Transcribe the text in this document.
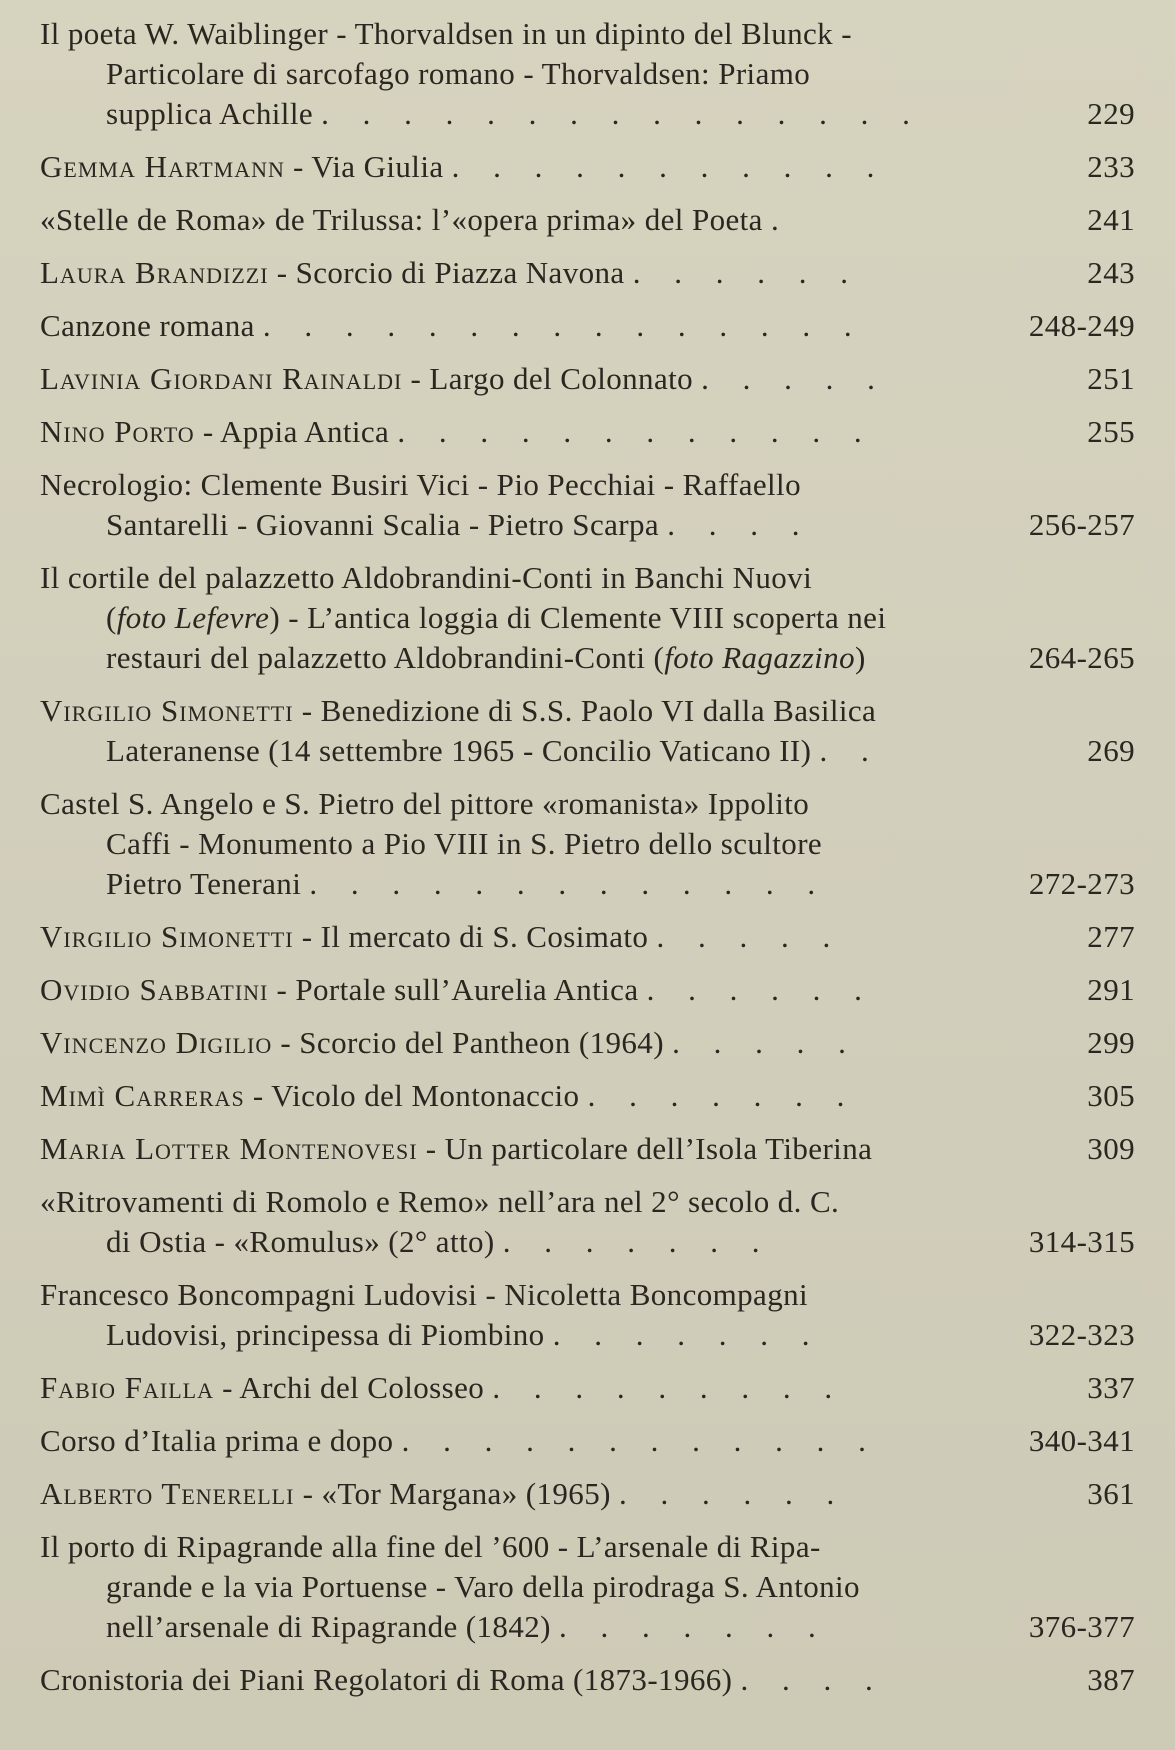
Il poeta W. Waiblinger - Thorvaldsen in un dipinto del Blunck -
Particolare di sarcofago romano - Thorvaldsen: Priamo
supplica Achille . . . . . . . . . . . . . . .	229
Gemma Hartmann - Via Giulia . . . . . . . . . . .	233
«Stelle de Roma» de Trilussa: l’«opera prima» del Poeta .	241
Laura Brandizzi - Scorcio di Piazza Navona . . . . . .	243
Canzone romana . . . . . . . . . . . . . . .	248-249
Lavinia Giordani Rainaldi - Largo del Colonnato . . . . .	251
Nino Porto - Appia Antica . . . . . . . . . . . .	255
Necrologio: Clemente Busiri Vici - Pio Pecchiai - Raffaello
Santarelli - Giovanni Scalia - Pietro Scarpa . . . .	256-257
Il cortile del palazzetto Aldobrandini-Conti in Banchi Nuovi
(foto Lefevre) - L’antica loggia di Clemente VIII scoperta nei
restauri del palazzetto Aldobrandini-Conti (foto Ragazzino)	264-265
Virgilio Simonetti - Benedizione di S.S. Paolo VI dalla Basilica
Lateranense (14 settembre 1965 - Concilio Vaticano II) . .	269
Castel S. Angelo e S. Pietro del pittore «romanista» Ippolito
Caffi - Monumento a Pio VIII in S. Pietro dello scultore
Pietro Tenerani . . . . . . . . . . . . .	272-273
Virgilio Simonetti - Il mercato di S. Cosimato . . . . .	277
Ovidio Sabbatini - Portale sull’Aurelia Antica . . . . . .	291
Vincenzo Digilio - Scorcio del Pantheon (1964) . . . . .	299
Mimì Carreras - Vicolo del Montonaccio . . . . . . .	305
Maria Lotter Montenovesi - Un particolare dell’Isola Tiberina	309
«Ritrovamenti di Romolo e Remo» nell’ara nel 2° secolo d. C.
di Ostia - «Romulus» (2° atto) . . . . . . .	314-315
Francesco Boncompagni Ludovisi - Nicoletta Boncompagni
Ludovisi, principessa di Piombino . . . . . . .	322-323
Fabio Failla - Archi del Colosseo . . . . . . . . .	337
Corso d’Italia prima e dopo . . . . . . . . . . . .	340-341
Alberto Tenerelli - «Tor Margana» (1965) . . . . . .	361
Il porto di Ripagrande alla fine del ’600 - L’arsenale di Ripa-
grande e la via Portuense - Varo della pirodraga S. Antonio
nell’arsenale di Ripagrande (1842) . . . . . . .	376-377
Cronistoria dei Piani Regolatori di Roma (1873-1966) . . . .	387
